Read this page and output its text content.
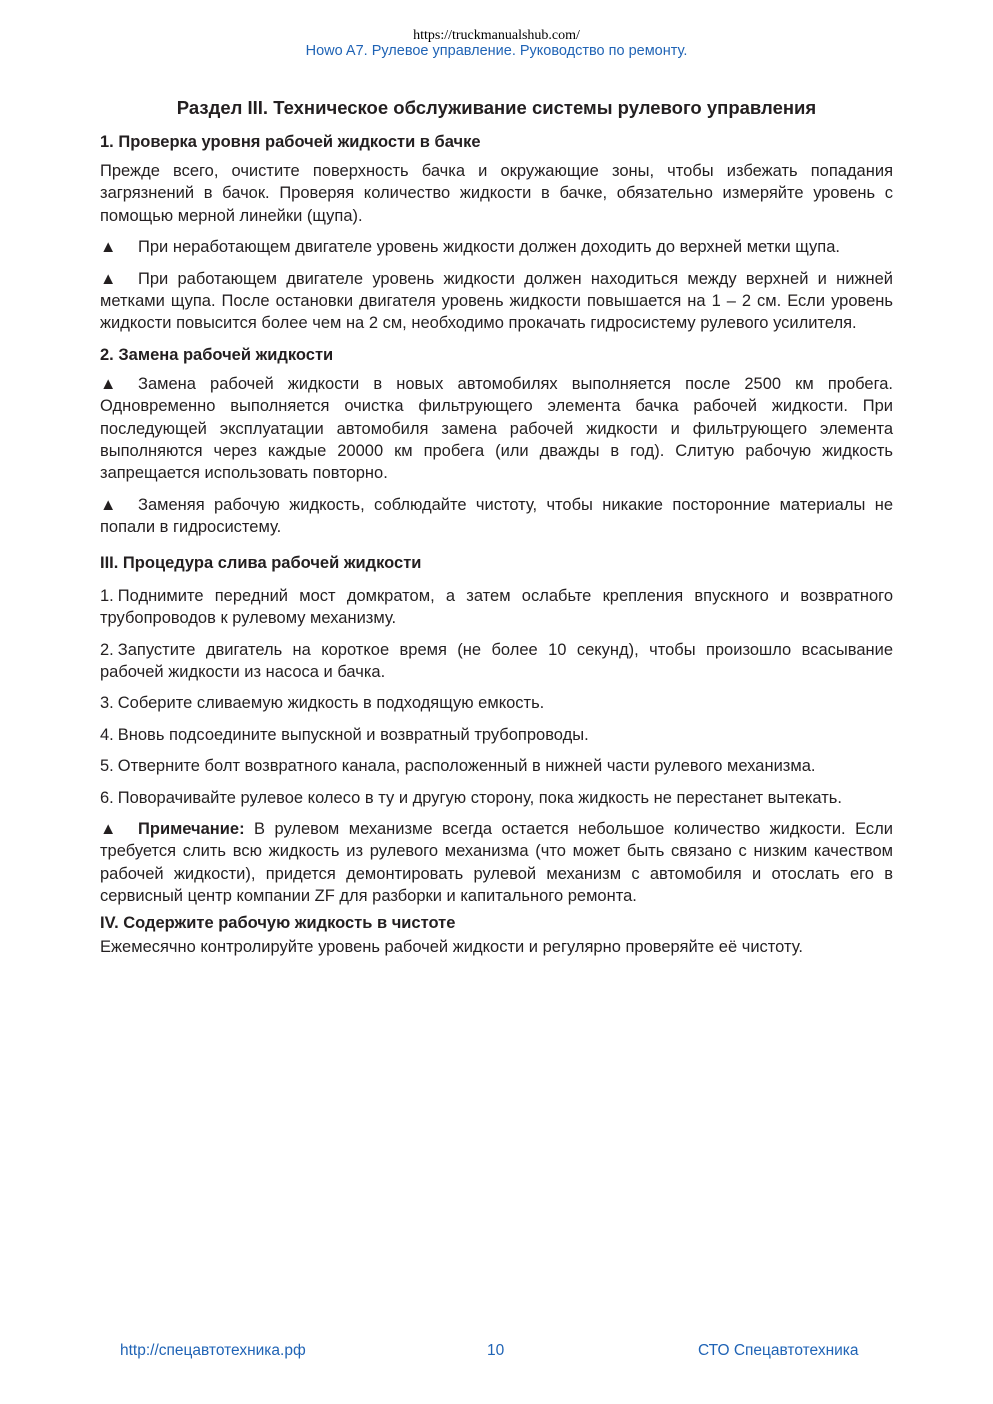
https://truckmanualshub.com/
Howo A7. Рулевое управление. Руководство по ремонту.
Раздел III. Техническое обслуживание системы рулевого управления
1. Проверка уровня рабочей жидкости в бачке

Прежде всего, очистите поверхность бачка и окружающие зоны, чтобы избежать попадания загрязнений в бачок. Проверяя количество жидкости в бачке, обязательно измеряйте уровень с помощью мерной линейки (щупа).

▲ При неработающем двигателе уровень жидкости должен доходить до верхней метки щупа.

▲ При работающем двигателе уровень жидкости должен находиться между верхней и нижней метками щупа. После остановки двигателя уровень жидкости повышается на 1 – 2 см. Если уровень жидкости повысится более чем на 2 см, необходимо прокачать гидросистему рулевого усилителя.

2. Замена рабочей жидкости

▲ Замена рабочей жидкости в новых автомобилях выполняется после 2500 км пробега. Одновременно выполняется очистка фильтрующего элемента бачка рабочей жидкости. При последующей эксплуатации автомобиля замена рабочей жидкости и фильтрующего элемента выполняются через каждые 20000 км пробега (или дважды в год). Слитую рабочую жидкость запрещается использовать повторно.

▲ Заменяя рабочую жидкость, соблюдайте чистоту, чтобы никакие посторонние материалы не попали в гидросистему.

III. Процедура слива рабочей жидкости

1. Поднимите передний мост домкратом, а затем ослабьте крепления впускного и возвратного трубопроводов к рулевому механизму.

2. Запустите двигатель на короткое время (не более 10 секунд), чтобы произошло всасывание рабочей жидкости из насоса и бачка.

3. Соберите сливаемую жидкость в подходящую емкость.

4. Вновь подсоедините выпускной и возвратный трубопроводы.

5. Отверните болт возвратного канала, расположенный в нижней части рулевого механизма.

6. Поворачивайте рулевое колесо в ту и другую сторону, пока жидкость не перестанет вытекать.

▲ Примечание: В рулевом механизме всегда остается небольшое количество жидкости. Если требуется слить всю жидкость из рулевого механизма (что может быть связано с низким качеством рабочей жидкости), придется демонтировать рулевой механизм с автомобиля и отослать его в сервисный центр компании ZF для разборки и капитального ремонта.

IV. Содержите рабочую жидкость в чистоте

Ежемесячно контролируйте уровень рабочей жидкости и регулярно проверяйте её чистоту.

http://спецавтотехника.рф	10	СТО Спецавтотехника
